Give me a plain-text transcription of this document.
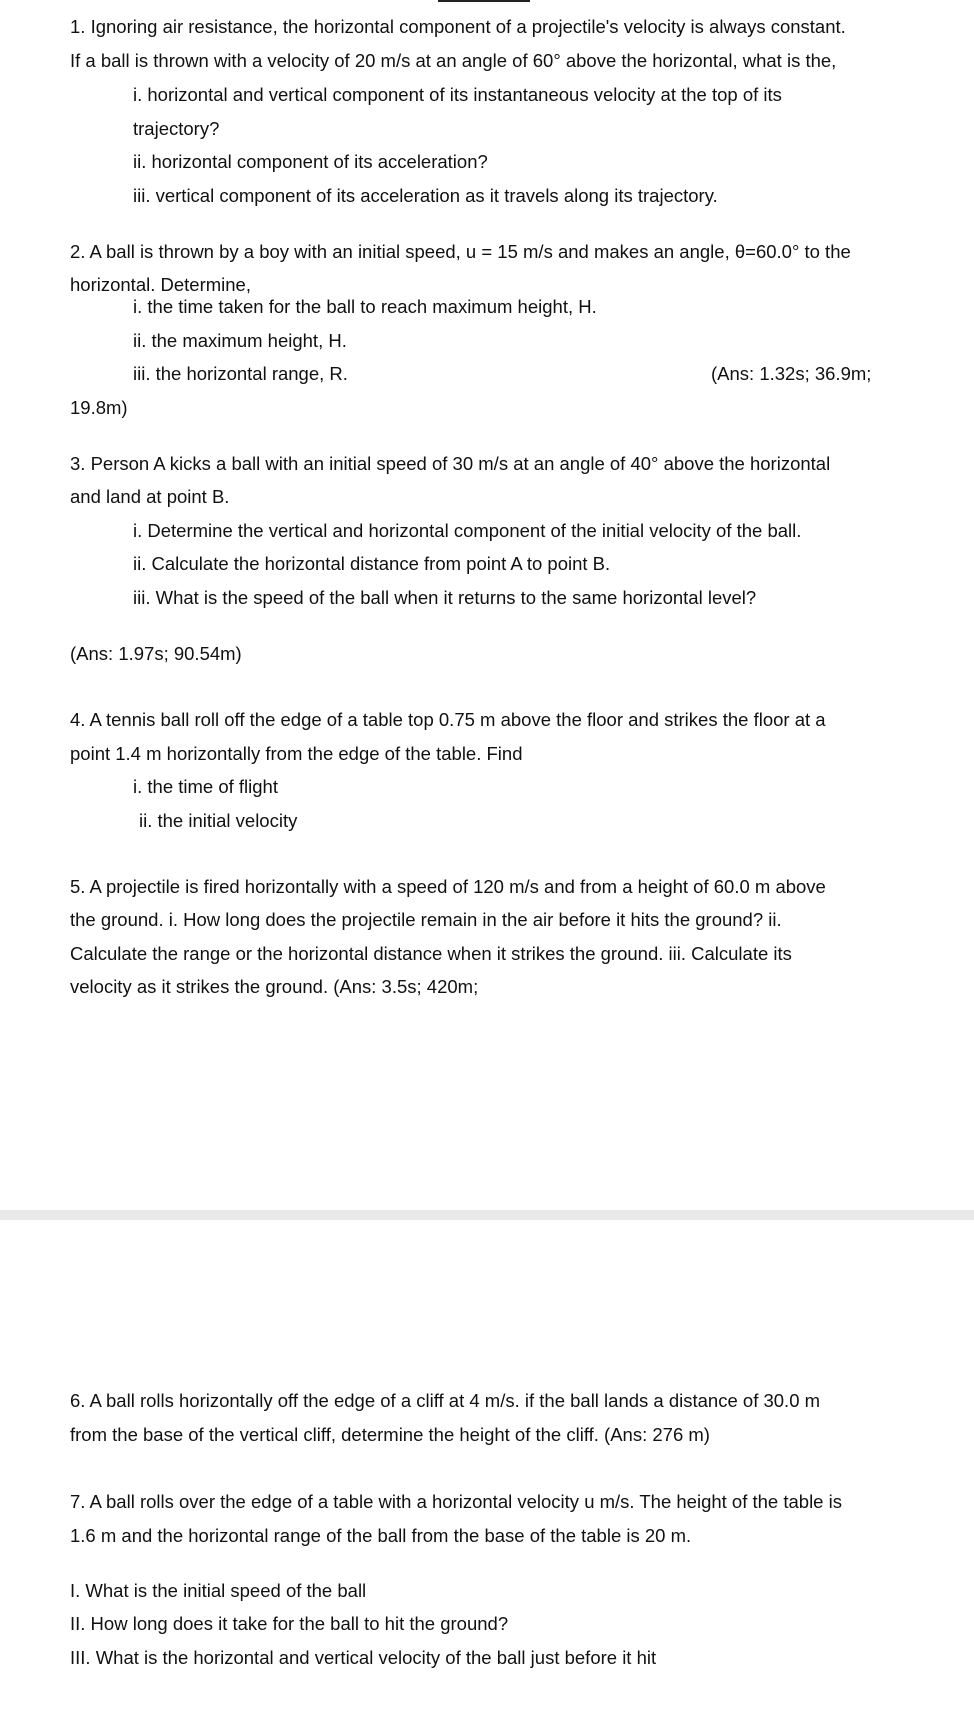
1. Ignoring air resistance, the horizontal component of a projectile's velocity is always constant.
If a ball is thrown with a velocity of 20 m/s at an angle of 60° above the horizontal, what is the,
i. horizontal and vertical component of its instantaneous velocity at the top of its
trajectory?
ii. horizontal component of its acceleration?
iii. vertical component of its acceleration as it travels along its trajectory.
2. A ball is thrown by a boy with an initial speed, u = 15 m/s and makes an angle, θ=60.0° to the
horizontal. Determine,
i. the time taken for the ball to reach maximum height, H.
ii. the maximum height, H.
iii. the horizontal range, R.	(Ans: 1.32s; 36.9m;
19.8m)
3. Person A kicks a ball with an initial speed of 30 m/s at an angle of 40° above the horizontal
and land at point B.
i. Determine the vertical and horizontal component of the initial velocity of the ball.
ii. Calculate the horizontal distance from point A to point B.
iii. What is the speed of the ball when it returns to the same horizontal level?
(Ans: 1.97s; 90.54m)
4. A tennis ball roll off the edge of a table top 0.75 m above the floor and strikes the floor at a
point 1.4 m horizontally from the edge of the table. Find
i. the time of flight
ii. the initial velocity
5. A projectile is fired horizontally with a speed of 120 m/s and from a height of 60.0 m above
the ground. i. How long does the projectile remain in the air before it hits the ground? ii.
Calculate the range or the horizontal distance when it strikes the ground. iii. Calculate its
velocity as it strikes the ground. (Ans: 3.5s; 420m;
6. A ball rolls horizontally off the edge of a cliff at 4 m/s. if the ball lands a distance of 30.0 m
from the base of the vertical cliff, determine the height of the cliff. (Ans: 276 m)
7. A ball rolls over the edge of a table with a horizontal velocity u m/s. The height of the table is
1.6 m and the horizontal range of the ball from the base of the table is 20 m.
I. What is the initial speed of the ball
II. How long does it take for the ball to hit the ground?
III. What is the horizontal and vertical velocity of the ball just before it hit
